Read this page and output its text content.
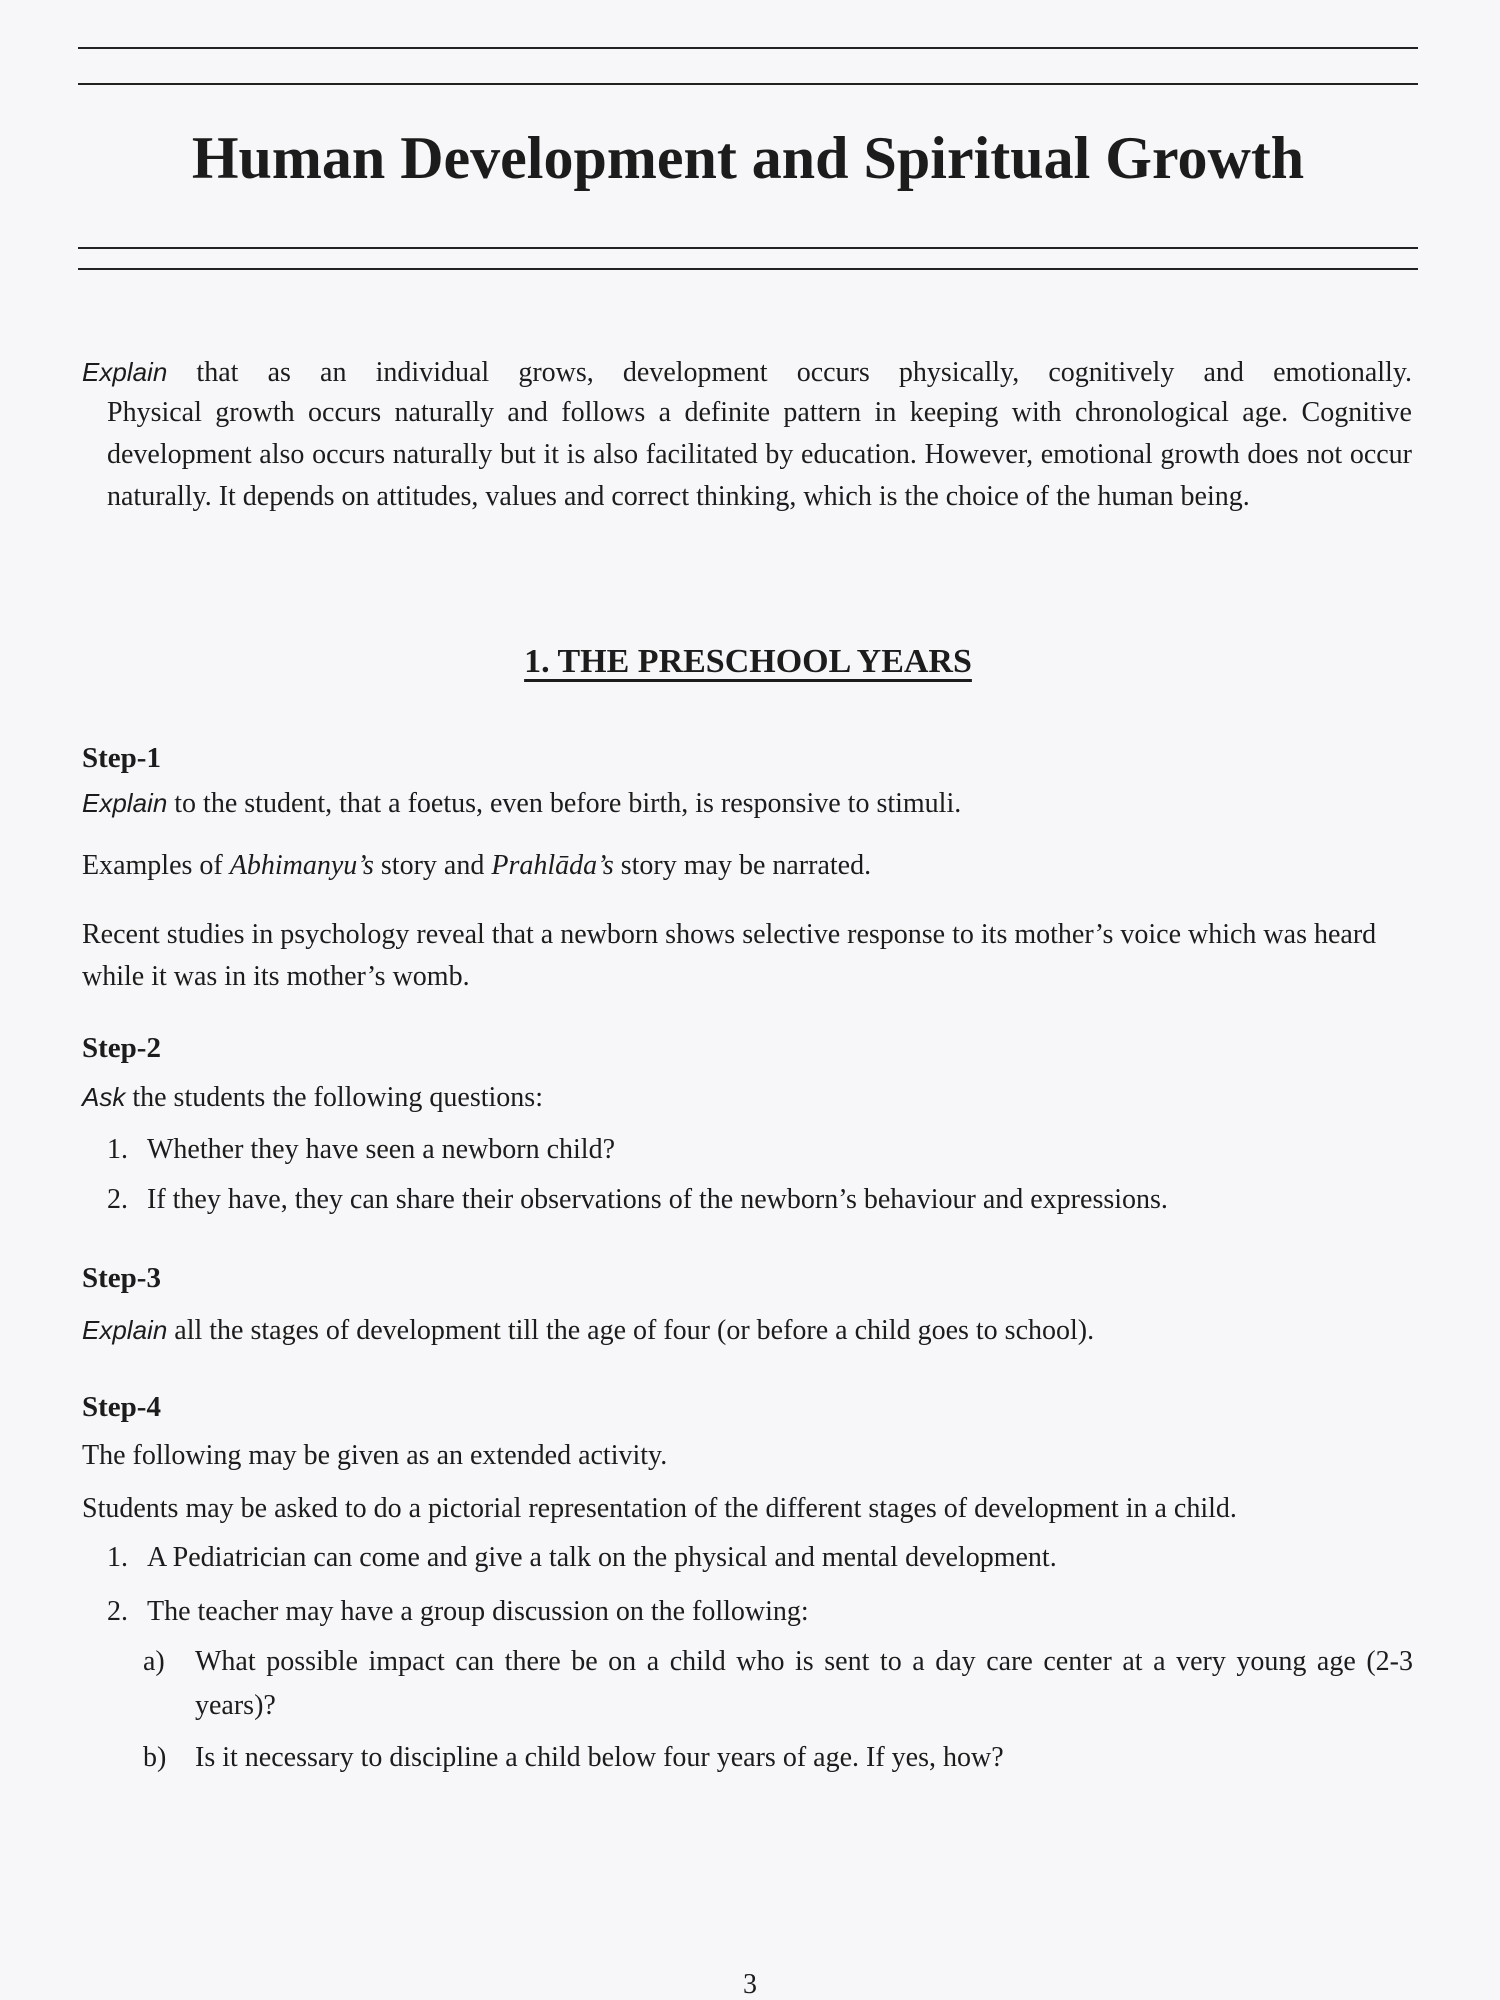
Human Development and Spiritual Growth

Explain that as an individual grows, development occurs physically, cognitively and emotionally.

Physical growth occurs naturally and follows a definite pattern in keeping with chronological age. Cognitive development also occurs naturally but it is also facilitated by education. However, emotional growth does not occur naturally. It depends on attitudes, values and correct thinking, which is the choice of the human being.

1. THE PRESCHOOL YEARS

Step-1

Explain to the student, that a foetus, even before birth, is responsive to stimuli.

Examples of Abhimanyu’s story and Prahlāda’s story may be narrated.

Recent studies in psychology reveal that a newborn shows selective response to its mother’s voice which was heard while it was in its mother’s womb.

Step-2

Ask the students the following questions:

1. Whether they have seen a newborn child?

2. If they have, they can share their observations of the newborn’s behaviour and expressions.

Step-3

Explain all the stages of development till the age of four (or before a child goes to school).

Step-4

The following may be given as an extended activity.

Students may be asked to do a pictorial representation of the different stages of development in a child.

1. A Pediatrician can come and give a talk on the physical and mental development.

2. The teacher may have a group discussion on the following:

a)	What possible impact can there be on a child who is sent to a day care center at a very young age (2-3 years)?
b)	Is it necessary to discipline a child below four years of age. If yes, how?

3
